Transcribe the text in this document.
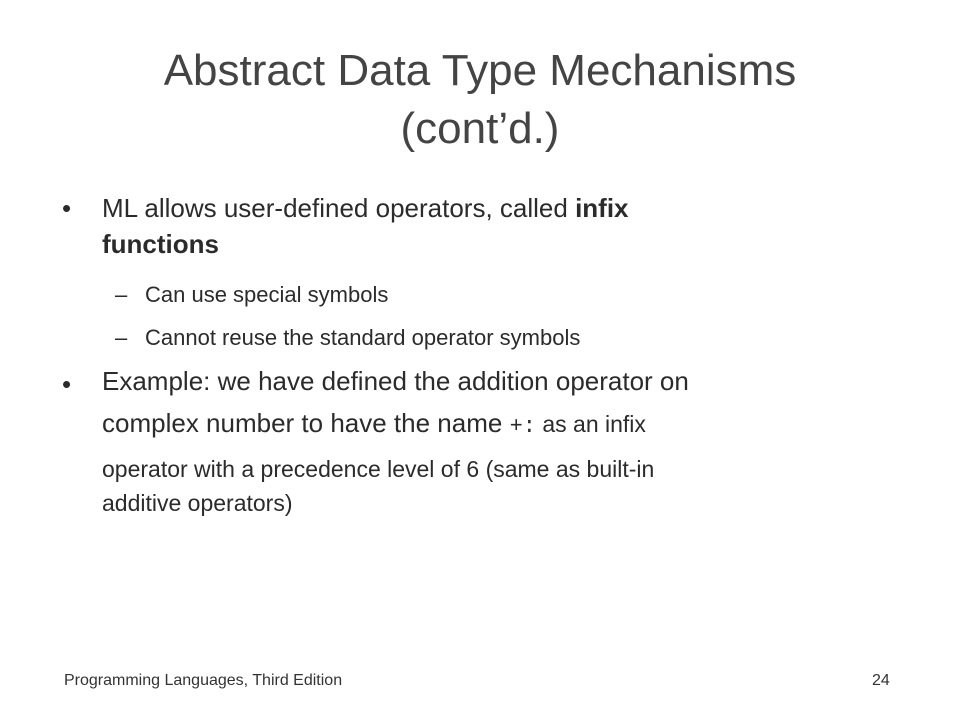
Abstract Data Type Mechanisms
(cont’d.)
• ML allows user-defined operators, called infix
functions
– Can use special symbols
– Cannot reuse the standard operator symbols
• Example: we have defined the addition operator on
complex number to have the name +: as an infix
operator with a precedence level of 6 (same as built-in
additive operators)
Programming Languages, Third Edition	24
